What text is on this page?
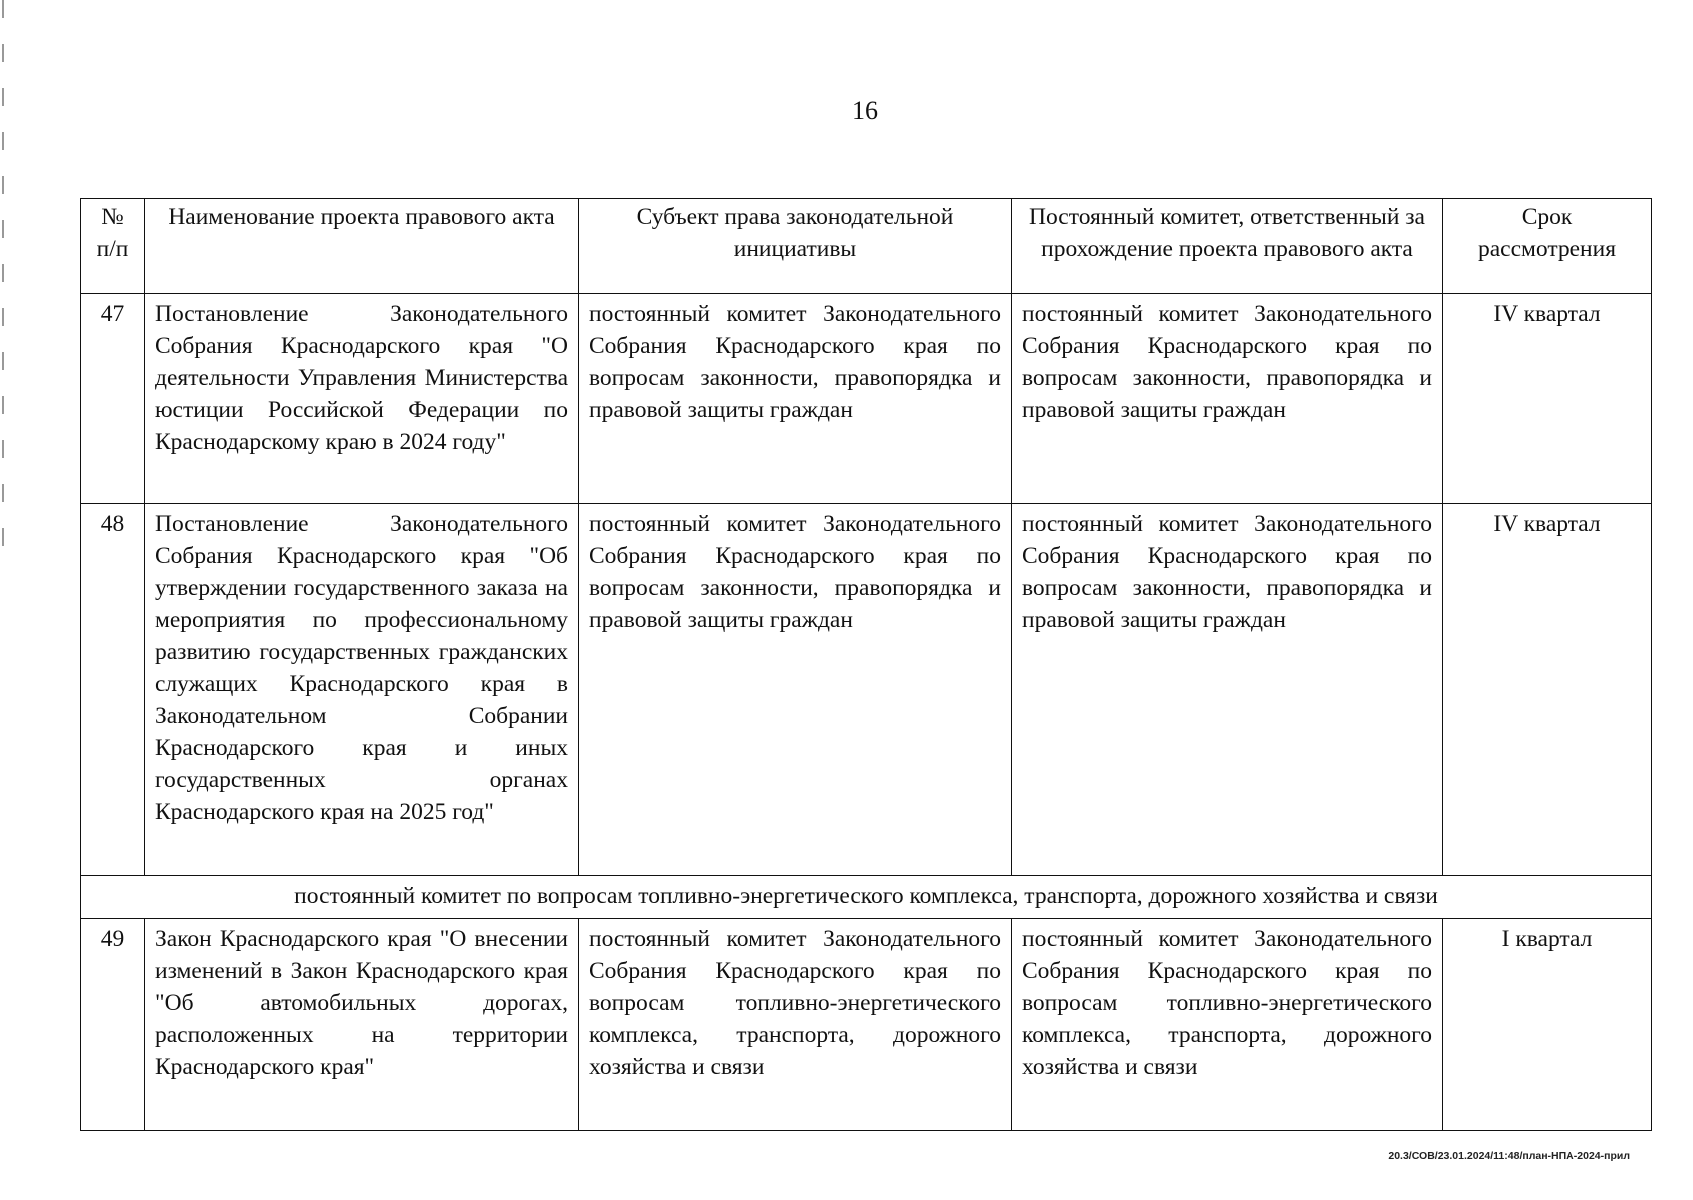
16
№ п/п	Наименование проекта правового акта	Субъект права законодательной инициативы	Постоянный комитет, ответственный за прохождение проекта правового акта	Срок рассмотрения
47	Постановление Законодательного Собрания Краснодарского края "О деятельности Управления Министерства юстиции Российской Федерации по Краснодарскому краю в 2024 году"	постоянный комитет Законодательного Собрания Краснодарского края по вопросам законности, правопорядка и правовой защиты граждан	постоянный комитет Законодательного Собрания Краснодарского края по вопросам законности, правопорядка и правовой защиты граждан	IV квартал
48	Постановление Законодательного Собрания Краснодарского края "Об утверждении государственного заказа на мероприятия по профессиональному развитию государственных гражданских служащих Краснодарского края в Законодательном Собрании Краснодарского края и иных государственных органах Краснодарского края на 2025 год"	постоянный комитет Законодательного Собрания Краснодарского края по вопросам законности, правопорядка и правовой защиты граждан	постоянный комитет Законодательного Собрания Краснодарского края по вопросам законности, правопорядка и правовой защиты граждан	IV квартал
постоянный комитет по вопросам топливно-энергетического комплекса, транспорта, дорожного хозяйства и связи				
49	Закон Краснодарского края "О внесении изменений в Закон Краснодарского края "Об автомобильных дорогах, расположенных на территории Краснодарского края"	постоянный комитет Законодательного Собрания Краснодарского края по вопросам топливно-энергетического комплекса, транспорта, дорожного хозяйства и связи	постоянный комитет Законодательного Собрания Краснодарского края по вопросам топливно-энергетического комплекса, транспорта, дорожного хозяйства и связи	I квартал
20.3/СОВ/23.01.2024/11:48/план-НПА-2024-прил
